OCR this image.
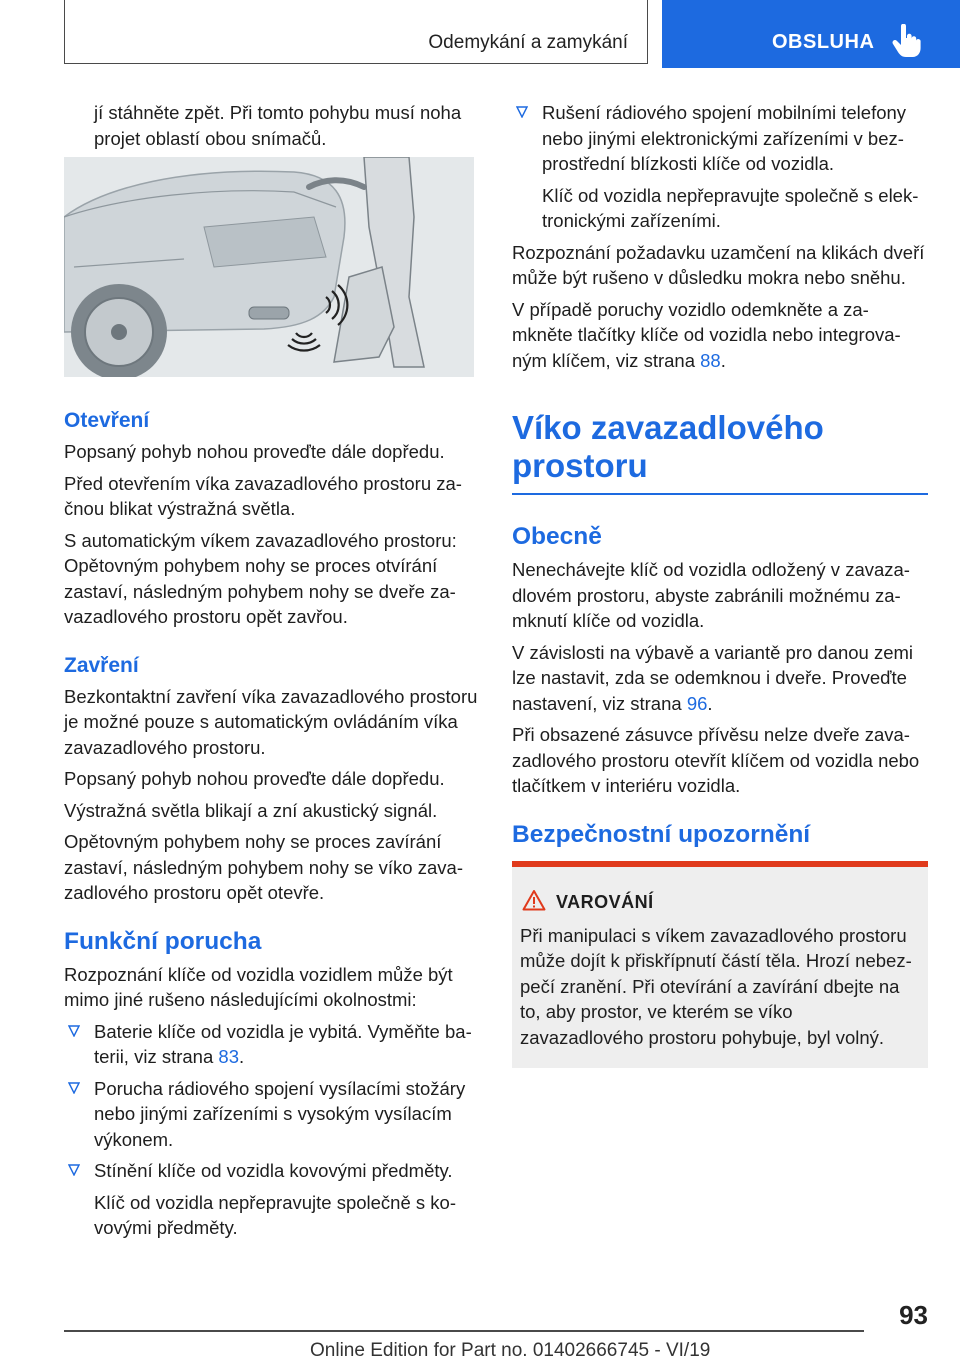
Odemykání a zamykání	OBSLUHA

jí stáhněte zpět. Při tomto pohybu musí noha projet oblastí obou snímačů.

Otevření

Popsaný pohyb nohou proveďte dále dopředu.

Před otevřením víka zavazadlového prostoru za- čnou blikat výstražná světla.

S automatickým víkem zavazadlového prostoru: Opětovným pohybem nohy se proces otvírání zastaví, následným pohybem nohy se dveře za- vazadlového prostoru opět zavřou.

Zavření

Bezkontaktní zavření víka zavazadlového prostoru je možné pouze s automatickým ovládáním víka zavazadlového prostoru.

Popsaný pohyb nohou proveďte dále dopředu.

Výstražná světla blikají a zní akustický signál.

Opětovným pohybem nohy se proces zavírání zastaví, následným pohybem nohy se víko zava- zadlového prostoru opět otevře.

Funkční porucha

Rozpoznání klíče od vozidla vozidlem může být mimo jiné rušeno následujícími okolnostmi:

Baterie klíče od vozidla je vybitá. Vyměňte ba- terii, viz strana 83.
Porucha rádiového spojení vysílacími stožáry nebo jinými zařízeními s vysokým vysílacím výkonem.
Stínění klíče od vozidla kovovými předměty.

Klíč od vozidla nepřepravujte společně s ko- vovými předměty.

Rušení rádiového spojení mobilními telefony nebo jinými elektronickými zařízeními v bez- prostřední blízkosti klíče od vozidla.

Klíč od vozidla nepřepravujte společně s elek- tronickými zařízeními.

Rozpoznání požadavku uzamčení na klikách dveří může být rušeno v důsledku mokra nebo sněhu.

V případě poruchy vozidlo odemkněte a za- mkněte tlačítky klíče od vozidla nebo integrova- ným klíčem, viz strana 88.

Víko zavazadlového prostoru
Obecně

Nenechávejte klíč od vozidla odložený v zavaza- dlovém prostoru, abyste zabránili možnému za- mknutí klíče od vozidla.

V závislosti na výbavě a variantě pro danou zemi lze nastavit, zda se odemknou i dveře. Proveďte nastavení, viz strana 96.

Při obsazené zásuvce přívěsu nelze dveře zava- zadlového prostoru otevřít klíčem od vozidla nebo tlačítkem v interiéru vozidla.

Bezpečnostní upozornění
VAROVÁNÍ

Při manipulaci s víkem zavazadlového prostoru může dojít k přiskřípnutí částí těla. Hrozí nebez- pečí zranění. Při otevírání a zavírání dbejte na to, aby prostor, ve kterém se víko zavazadlového prostoru pohybuje, byl volný.

93
Online Edition for Part no. 01402666745 - VI/19
